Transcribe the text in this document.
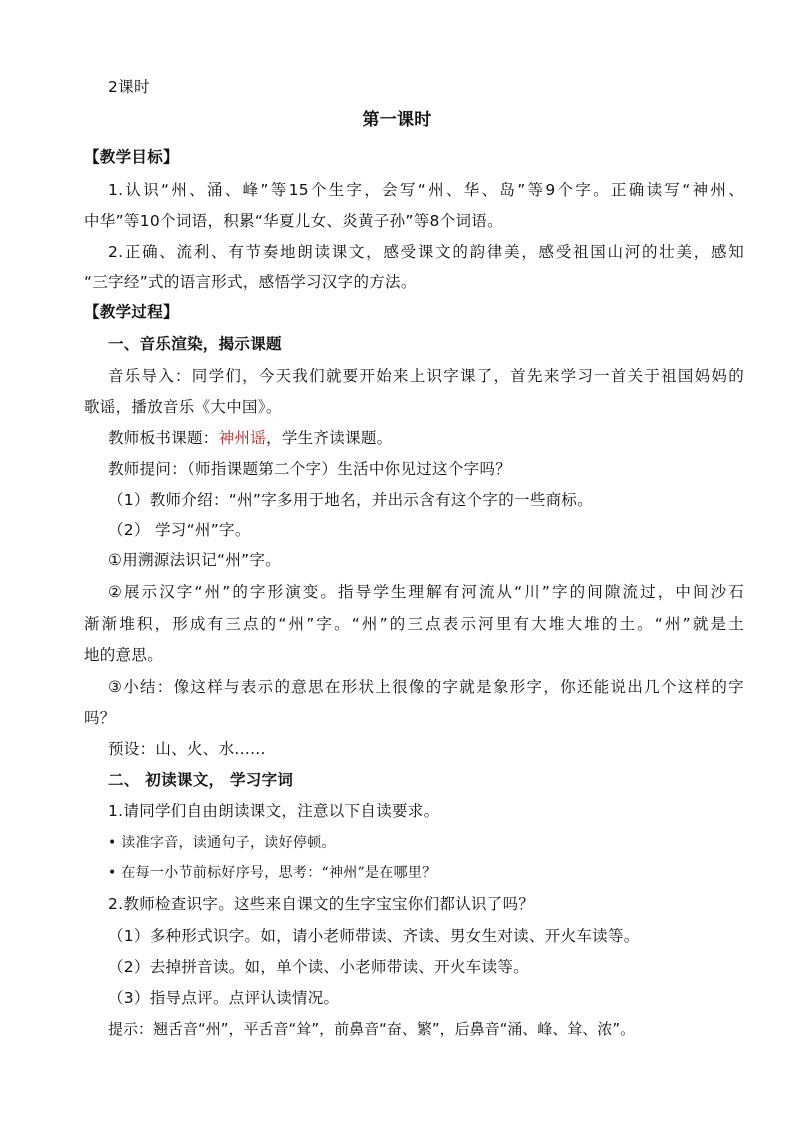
2课时
第一课时
【教学目标】
1.认识“州、涌、峰”等15个生字，会写“州、华、岛”等9个字。正确读写“神州、
中华”等10个词语，积累“华夏儿女、炎黄子孙”等8个词语。
2.正确、流利、有节奏地朗读课文，感受课文的韵律美，感受祖国山河的壮美，感知
“三字经”式的语言形式，感悟学习汉字的方法。
【教学过程】
一、音乐渲染，揭示课题
音乐导入：同学们，今天我们就要开始来上识字课了，首先来学习一首关于祖国妈妈的
歌谣，播放音乐《大中国》。
教师板书课题：神州谣，学生齐读课题。
教师提问：（师指课题第二个字）生活中你见过这个字吗？
（1）教师介绍：“州”字多用于地名，并出示含有这个字的一些商标。
（2） 学习“州”字。
①用溯源法识记“州”字。
②展示汉字“州”的字形演变。指导学生理解有河流从“川”字的间隙流过，中间沙石
渐渐堆积，形成有三点的“州”字。“州”的三点表示河里有大堆大堆的土。“州”就是土
地的意思。
③小结：像这样与表示的意思在形状上很像的字就是象形字，你还能说出几个这样的字
吗？
预设：山、火、水......
二、 初读课文， 学习字词
1.请同学们自由朗读课文，注意以下自读要求。
• 读准字音，读通句子，读好停顿。
• 在每一小节前标好序号，思考：“神州”是在哪里？
2.教师检查识字。这些来自课文的生字宝宝你们都认识了吗？
（1）多种形式识字。如，请小老师带读、齐读、男女生对读、开火车读等。
（2）去掉拼音读。如，单个读、小老师带读、开火车读等。
（3）指导点评。点评认读情况。
提示：翘舌音“州”，平舌音“耸”，前鼻音“奋、繁”，后鼻音“涌、峰、耸、浓”。
